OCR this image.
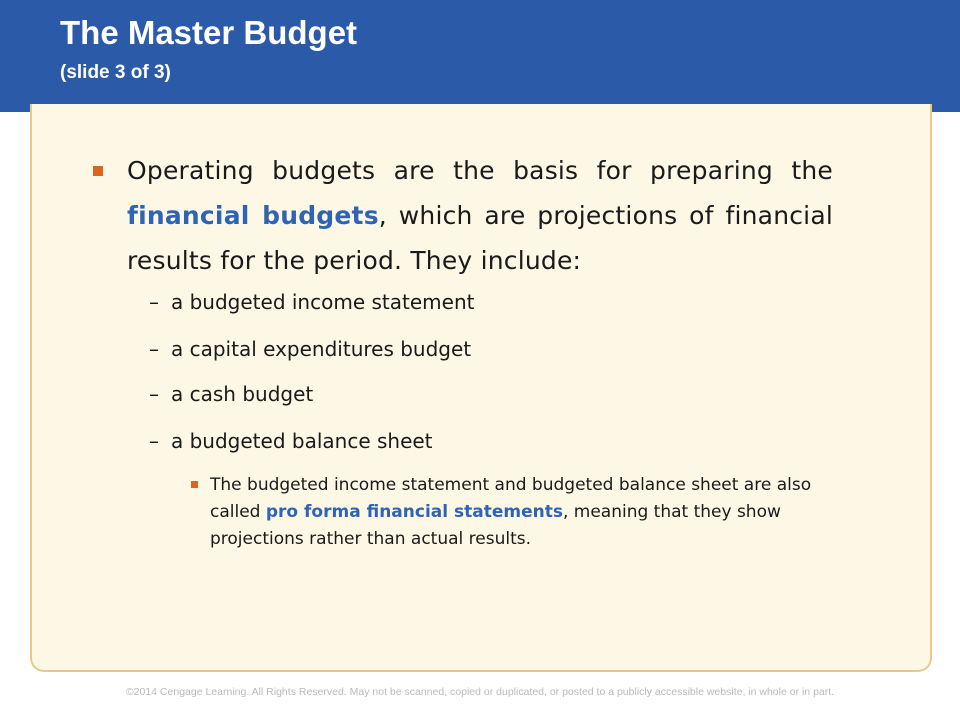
The Master Budget
(slide 3 of 3)
Operating budgets are the basis for preparing the financial budgets, which are projections of financial results for the period. They include:
– a budgeted income statement
– a capital expenditures budget
– a cash budget
– a budgeted balance sheet
The budgeted income statement and budgeted balance sheet are also called pro forma financial statements, meaning that they show projections rather than actual results.
©2014 Cengage Learning. All Rights Reserved. May not be scanned, copied or duplicated, or posted to a publicly accessible website, in whole or in part.
